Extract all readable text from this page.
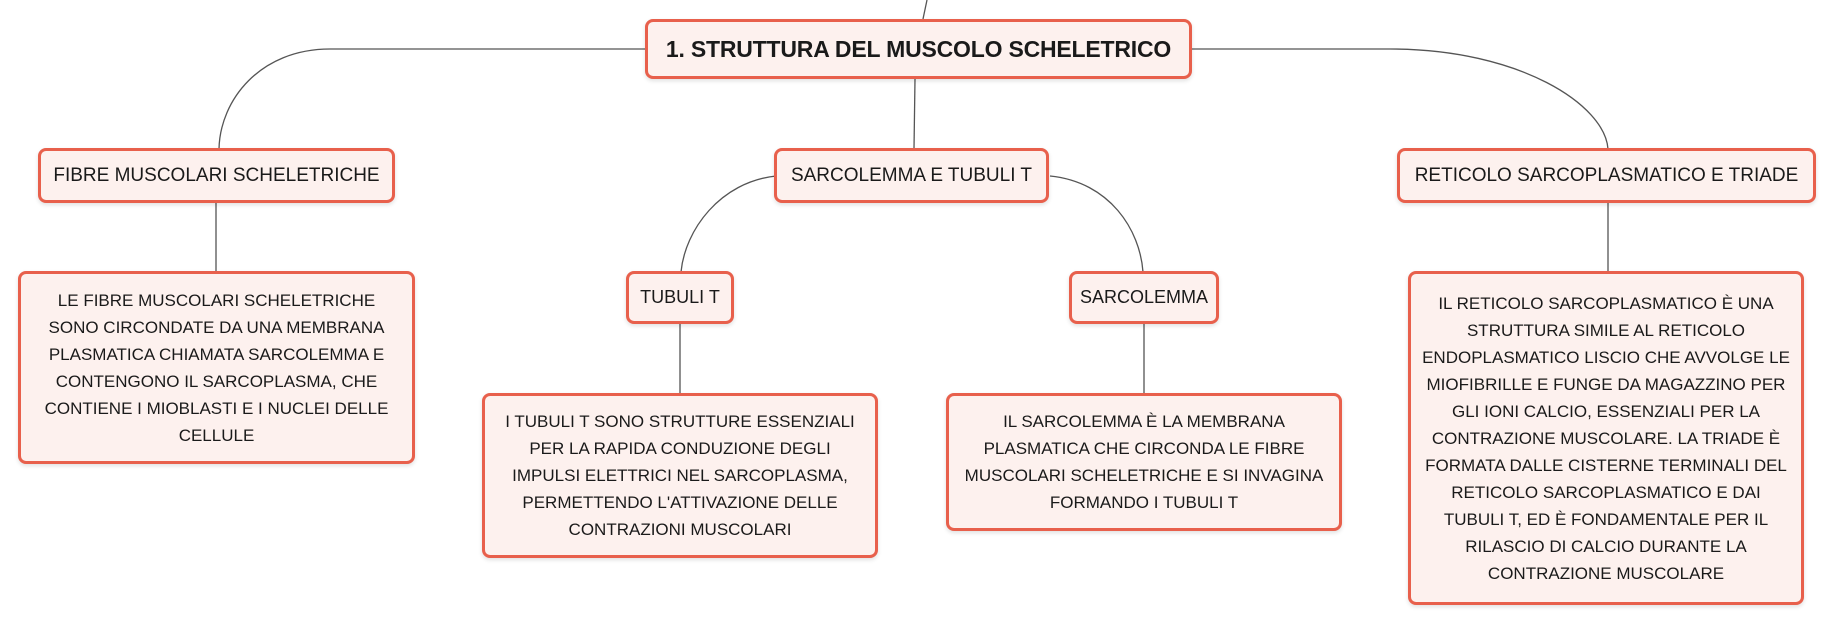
1. STRUTTURA DEL MUSCOLO SCHELETRICO
FIBRE MUSCOLARI SCHELETRICHE
LE FIBRE MUSCOLARI SCHELETRICHE SONO CIRCONDATE DA UNA MEMBRANA PLASMATICA CHIAMATA SARCOLEMMA E CONTENGONO IL SARCOPLASMA, CHE CONTIENE I MIOBLASTI E I NUCLEI DELLE CELLULE
SARCOLEMMA E TUBULI T
TUBULI T
I TUBULI T SONO STRUTTURE ESSENZIALI PER LA RAPIDA CONDUZIONE DEGLI IMPULSI ELETTRICI NEL SARCOPLASMA, PERMETTENDO L'ATTIVAZIONE DELLE CONTRAZIONI MUSCOLARI
SARCOLEMMA
IL SARCOLEMMA È LA MEMBRANA PLASMATICA CHE CIRCONDA LE FIBRE MUSCOLARI SCHELETRICHE E SI INVAGINA FORMANDO I TUBULI T
RETICOLO SARCOPLASMATICO E TRIADE
IL RETICOLO SARCOPLASMATICO È UNA STRUTTURA SIMILE AL RETICOLO ENDOPLASMATICO LISCIO CHE AVVOLGE LE MIOFIBRILLE E FUNGE DA MAGAZZINO PER GLI IONI CALCIO, ESSENZIALI PER LA CONTRAZIONE MUSCOLARE. LA TRIADE È FORMATA DALLE CISTERNE TERMINALI DEL RETICOLO SARCOPLASMATICO E DAI TUBULI T, ED È FONDAMENTALE PER IL RILASCIO DI CALCIO DURANTE LA CONTRAZIONE MUSCOLARE
